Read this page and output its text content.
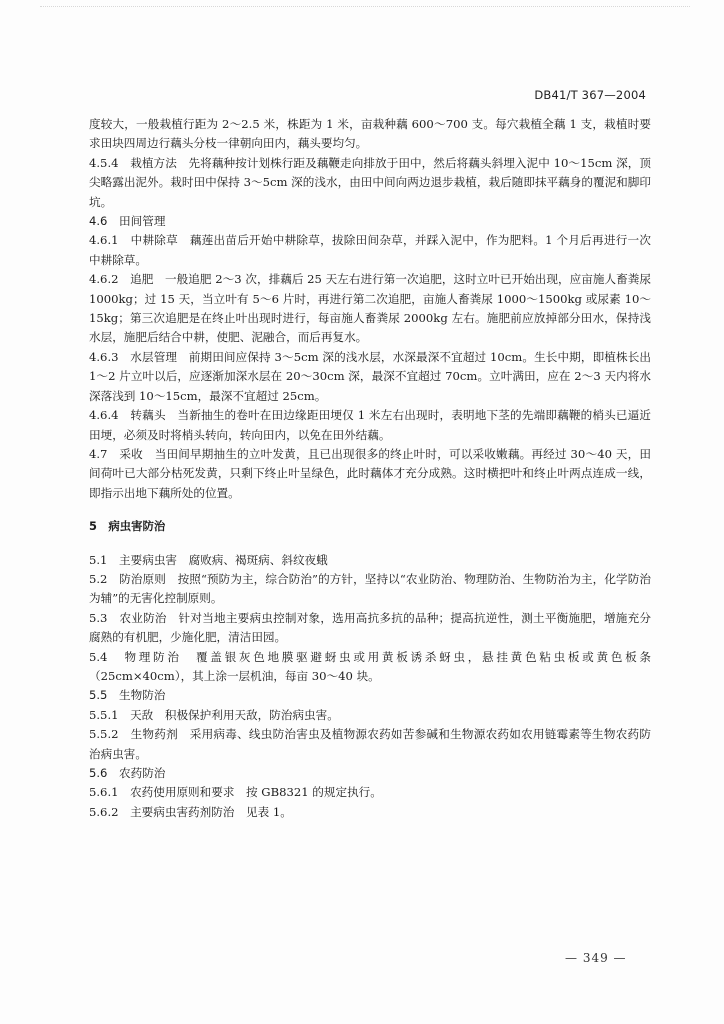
DB41/T 367—2004

度较大，一般栽植行距为 2～2.5 米，株距为 1 米，亩栽种藕 600～700 支。每穴栽植全藕 1 支，栽植时要求田块四周边行藕头分枝一律朝向田内，藕头要均匀。

4.5.4　栽植方法　先将藕种按计划株行距及藕鞭走向排放于田中，然后将藕头斜埋入泥中 10～15cm 深，顶尖略露出泥外。栽时田中保持 3～5cm 深的浅水，由田中间向两边退步栽植，栽后随即抹平藕身的覆泥和脚印坑。

4.6　田间管理

4.6.1　中耕除草　藕莲出苗后开始中耕除草，拔除田间杂草，并踩入泥中，作为肥料。1 个月后再进行一次中耕除草。

4.6.2　追肥　一般追肥 2～3 次，排藕后 25 天左右进行第一次追肥，这时立叶已开始出现，应亩施人畜粪尿 1000kg；过 15 天，当立叶有 5～6 片时，再进行第二次追肥，亩施人畜粪尿 1000～1500kg 或尿素 10～15kg；第三次追肥是在终止叶出现时进行，每亩施人畜粪尿 2000kg 左右。施肥前应放掉部分田水，保持浅水层，施肥后结合中耕，使肥、泥融合，而后再复水。

4.6.3　水层管理　前期田间应保持 3～5cm 深的浅水层，水深最深不宜超过 10cm。生长中期，即植株长出 1～2 片立叶以后，应逐渐加深水层在 20～30cm 深，最深不宜超过 70cm。立叶满田，应在 2～3 天内将水深落浅到 10～15cm，最深不宜超过 25cm。

4.6.4　转藕头　当新抽生的卷叶在田边缘距田埂仅 1 米左右出现时，表明地下茎的先端即藕鞭的梢头已逼近田埂，必须及时将梢头转向，转向田内，以免在田外结藕。

4.7　采收　当田间早期抽生的立叶发黄，且已出现很多的终止叶时，可以采收嫩藕。再经过 30～40 天，田间荷叶已大部分枯死发黄，只剩下终止叶呈绿色，此时藕体才充分成熟。这时横把叶和终止叶两点连成一线，即指示出地下藕所处的位置。

5　病虫害防治

5.1　主要病虫害　腐败病、褐斑病、斜纹夜蛾

5.2　防治原则　按照“预防为主，综合防治”的方针，坚持以“农业防治、物理防治、生物防治为主，化学防治为辅”的无害化控制原则。

5.3　农业防治　针对当地主要病虫控制对象，选用高抗多抗的品种；提高抗逆性，测土平衡施肥，增施充分腐熟的有机肥，少施化肥，清洁田园。

5.4　物理防治　覆盖银灰色地膜驱避蚜虫或用黄板诱杀蚜虫，悬挂黄色粘虫板或黄色板条（25cm×40cm），其上涂一层机油，每亩 30～40 块。

5.5　生物防治

5.5.1　天敌　积极保护利用天敌，防治病虫害。

5.5.2　生物药剂　采用病毒、线虫防治害虫及植物源农药如苦参碱和生物源农药如农用链霉素等生物农药防治病虫害。

5.6　农药防治

5.6.1　农药使用原则和要求　按 GB8321 的规定执行。

5.6.2　主要病虫害药剂防治　见表 1。

— 349 —
